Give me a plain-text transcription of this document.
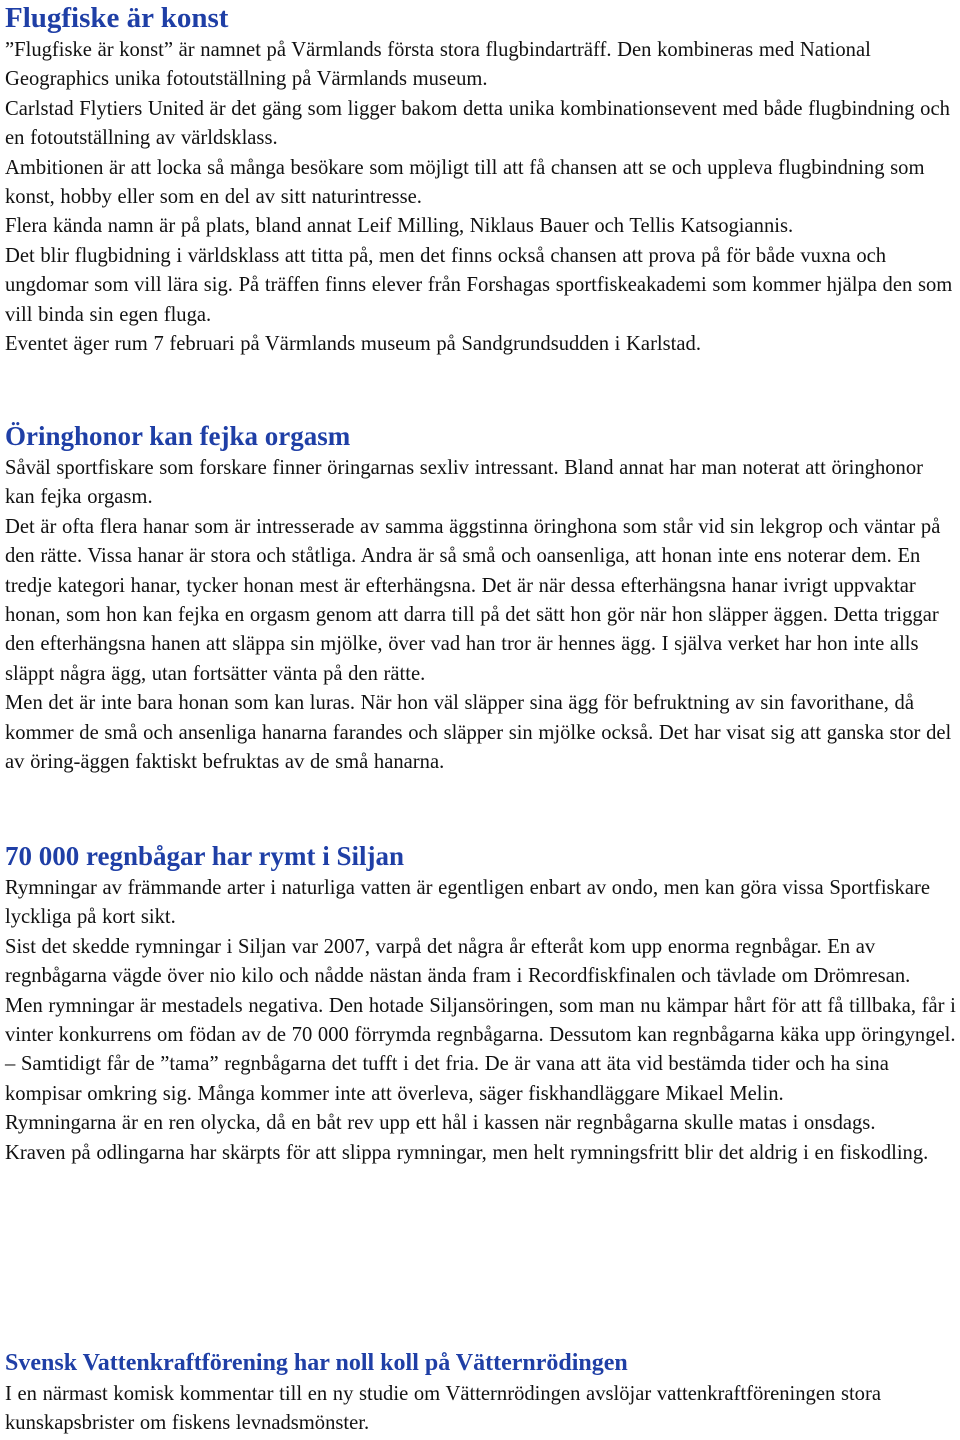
Flugfiske är konst

”Flugfiske är konst” är namnet på Värmlands första stora flugbindarträff. Den kombineras med National Geographics unika fotoutställning på Värmlands museum.

Carlstad Flytiers United är det gäng som ligger bakom detta unika kombinationsevent med både flugbindning och en fotoutställning av världsklass.

Ambitionen är att locka så många besökare som möjligt till att få chansen att se och uppleva flugbindning som konst, hobby eller som en del av sitt naturintresse.

Flera kända namn är på plats, bland annat Leif Milling, Niklaus Bauer och Tellis Katsogiannis.

Det blir flugbidning i världsklass att titta på, men det finns också chansen att prova på för både vuxna och ungdomar som vill lära sig. På träffen finns elever från Forshagas sportfiskeakademi som kommer hjälpa den som vill binda sin egen fluga.

Eventet äger rum 7 februari på Värmlands museum på Sandgrundsudden i Karlstad.

Öringhonor kan fejka orgasm

Såväl sportfiskare som forskare finner öringarnas sexliv intressant. Bland annat har man noterat att öringhonor kan fejka orgasm.

Det är ofta flera hanar som är intresserade av samma äggstinna öringhona som står vid sin lekgrop och väntar på den rätte. Vissa hanar är stora och ståtliga. Andra är så små och oansenliga, att honan inte ens noterar dem. En tredje kategori hanar, tycker honan mest är efterhängsna. Det är när dessa efterhängsna hanar ivrigt uppvaktar honan, som hon kan fejka en orgasm genom att darra till på det sätt hon gör när hon släpper äggen. Detta triggar den efterhängsna hanen att släppa sin mjölke, över vad han tror är hennes ägg. I själva verket har hon inte alls släppt några ägg, utan fortsätter vänta på den rätte.

Men det är inte bara honan som kan luras. När hon väl släpper sina ägg för befruktning av sin favorithane, då kommer de små och ansenliga hanarna farandes och släpper sin mjölke också. Det har visat sig att ganska stor del av öring-äggen faktiskt befruktas av de små hanarna.

70 000 regnbågar har rymt i Siljan

Rymningar av främmande arter i naturliga vatten är egentligen enbart av ondo, men kan göra vissa Sportfiskare lyckliga på kort sikt.

Sist det skedde rymningar i Siljan var 2007, varpå det några år efteråt kom upp enorma regnbågar. En av regnbågarna vägde över nio kilo och nådde nästan ända fram i Recordfiskfinalen och tävlade om Drömresan.

Men rymningar är mestadels negativa. Den hotade Siljansöringen, som man nu kämpar hårt för att få tillbaka, får i vinter konkurrens om födan av de 70 000 förrymda regnbågarna. Dessutom kan regnbågarna käka upp öringyngel.

– Samtidigt får de ”tama” regnbågarna det tufft i det fria. De är vana att äta vid bestämda tider och ha sina kompisar omkring sig. Många kommer inte att överleva, säger fiskhandläggare Mikael Melin.

Rymningarna är en ren olycka, då en båt rev upp ett hål i kassen när regnbågarna skulle matas i onsdags.

Kraven på odlingarna har skärpts för att slippa rymningar, men helt rymningsfritt blir det aldrig i en fiskodling.

Svensk Vattenkraftförening har noll koll på Vätternrödingen

I en närmast komisk kommentar till en ny studie om Vätternrödingen avslöjar vattenkraftföreningen stora kunskapsbrister om fiskens levnadsmönster.
